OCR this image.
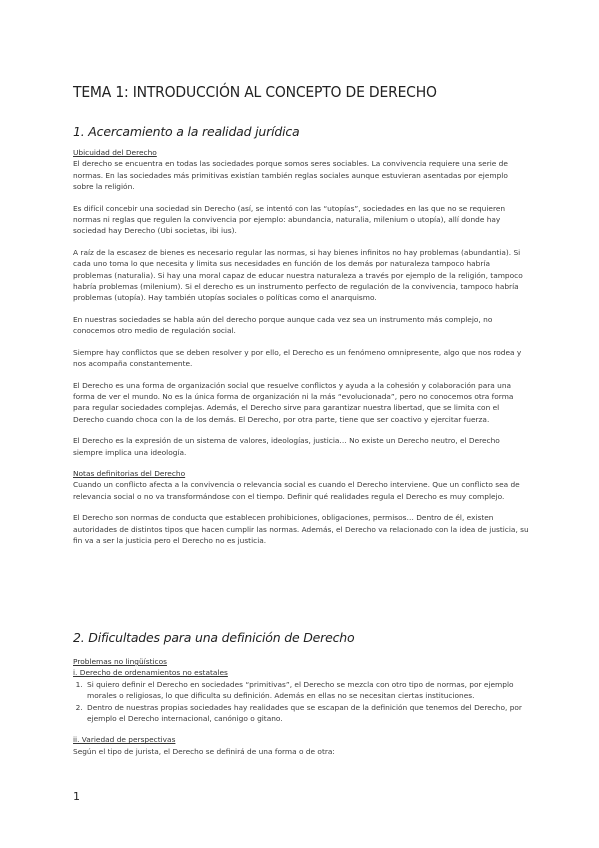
TEMA 1: INTRODUCCIÓN AL CONCEPTO DE DERECHO
1. Acercamiento a la realidad jurídica

Ubicuidad del Derecho

El derecho se encuentra en todas las sociedades porque somos seres sociables. La convivencia requiere una serie de normas. En las sociedades más primitivas existían también reglas sociales aunque estuvieran asentadas por ejemplo sobre la religión.

Es difícil concebir una sociedad sin Derecho (así, se intentó con las “utopías”, sociedades en las que no se requieren normas ni reglas que regulen la convivencia por ejemplo: abundancia, naturalia, milenium o utopía), allí donde hay sociedad hay Derecho (Ubi societas, ibi ius).

A raíz de la escasez de bienes es necesario regular las normas, si hay bienes infinitos no hay problemas (abundantia). Si cada uno toma lo que necesita y limita sus necesidades en función de los demás por naturaleza tampoco habría problemas (naturalia). Si hay una moral capaz de educar nuestra naturaleza a través por ejemplo de la religión, tampoco habría problemas (milenium). Si el derecho es un instrumento perfecto de regulación de la convivencia, tampoco habría problemas (utopía). Hay también utopías sociales o políticas como el anarquismo.

En nuestras sociedades se habla aún del derecho porque aunque cada vez sea un instrumento más complejo, no conocemos otro medio de regulación social.

Siempre hay conflictos que se deben resolver y por ello, el Derecho es un fenómeno omnipresente, algo que nos rodea y nos acompaña constantemente.

El Derecho es una forma de organización social que resuelve conflictos y ayuda a la cohesión y colaboración para una forma de ver el mundo. No es la única forma de organización ni la más “evolucionada”, pero no conocemos otra forma para regular sociedades complejas. Además, el Derecho sirve para garantizar nuestra libertad, que se limita con el Derecho cuando choca con la de los demás. El Derecho, por otra parte, tiene que ser coactivo y ejercitar fuerza.

El Derecho es la expresión de un sistema de valores, ideologías, justicia… No existe un Derecho neutro, el Derecho siempre implica una ideología.

Notas definitorias del Derecho

Cuando un conflicto afecta a la convivencia o relevancia social es cuando el Derecho interviene. Que un conflicto sea de relevancia social o no va transformándose con el tiempo. Definir qué realidades regula el Derecho es muy complejo.

El Derecho son normas de conducta que establecen prohibiciones, obligaciones, permisos… Dentro de él, existen autoridades de distintos tipos que hacen cumplir las normas. Además, el Derecho va relacionado con la idea de justicia, su fin va a ser la justicia pero el Derecho no es justicia.

2. Dificultades para una definición de Derecho

Problemas no lingüísticos

i. Derecho de ordenamientos no estatales

1. Si quiero definir el Derecho en sociedades “primitivas”, el Derecho se mezcla con otro tipo de normas, por ejemplo morales o religiosas, lo que dificulta su definición. Además en ellas no se necesitan ciertas instituciones.
2. Dentro de nuestras propias sociedades hay realidades que se escapan de la definición que tenemos del Derecho, por ejemplo el Derecho internacional, canónigo o gitano.

ii. Variedad de perspectivas

Según el tipo de jurista, el Derecho se definirá de una forma o de otra:

1
